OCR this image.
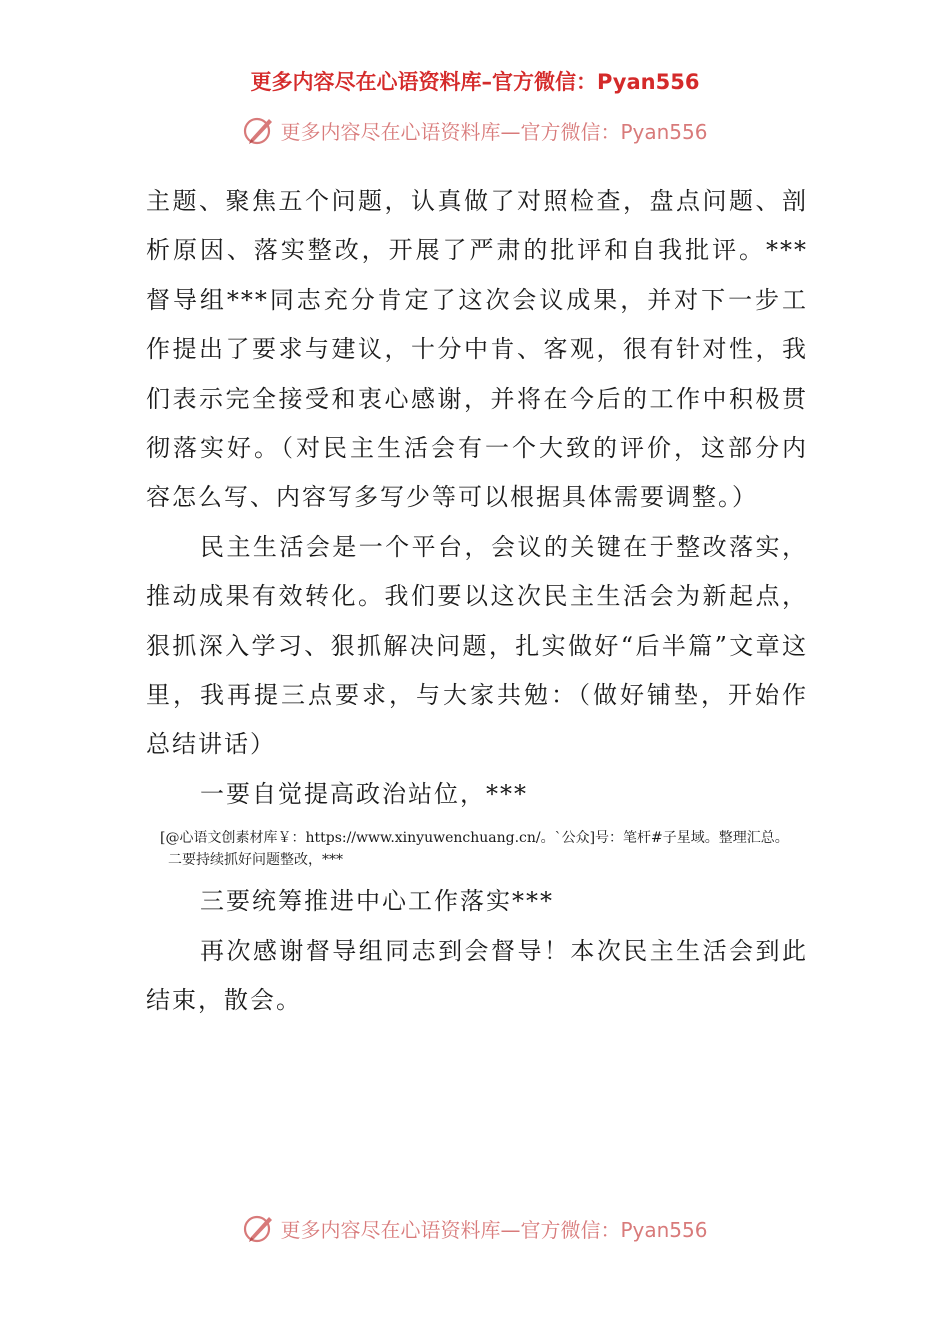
更多内容尽在心语资料库–官方微信：Pyan556
更多内容尽在心语资料库—官方微信：Pyan556

主题、聚焦五个问题，认真做了对照检查，盘点问题、剖析原因、落实整改，开展了严肃的批评和自我批评。***督导组***同志充分肯定了这次会议成果，并对下一步工作提出了要求与建议，十分中肯、客观，很有针对性，我们表示完全接受和衷心感谢，并将在今后的工作中积极贯彻落实好。（对民主生活会有一个大致的评价，这部分内容怎么写、内容写多写少等可以根据具体需要调整。）

民主生活会是一个平台，会议的关键在于整改落实，推动成果有效转化。我们要以这次民主生活会为新起点，狠抓深入学习、狠抓解决问题，扎实做好“后半篇”文章这里，我再提三点要求，与大家共勉：（做好铺垫，开始作总结讲话）

一要自觉提高政治站位，***

[@心语文创素材库￥：https://www.xinyuwenchuang.cn/。`公众]号：笔杆#子星域。整理汇总。二要持续抓好问题整改，***

三要统筹推进中心工作落实***

再次感谢督导组同志到会督导！本次民主生活会到此结束，散会。

更多内容尽在心语资料库—官方微信：Pyan556
